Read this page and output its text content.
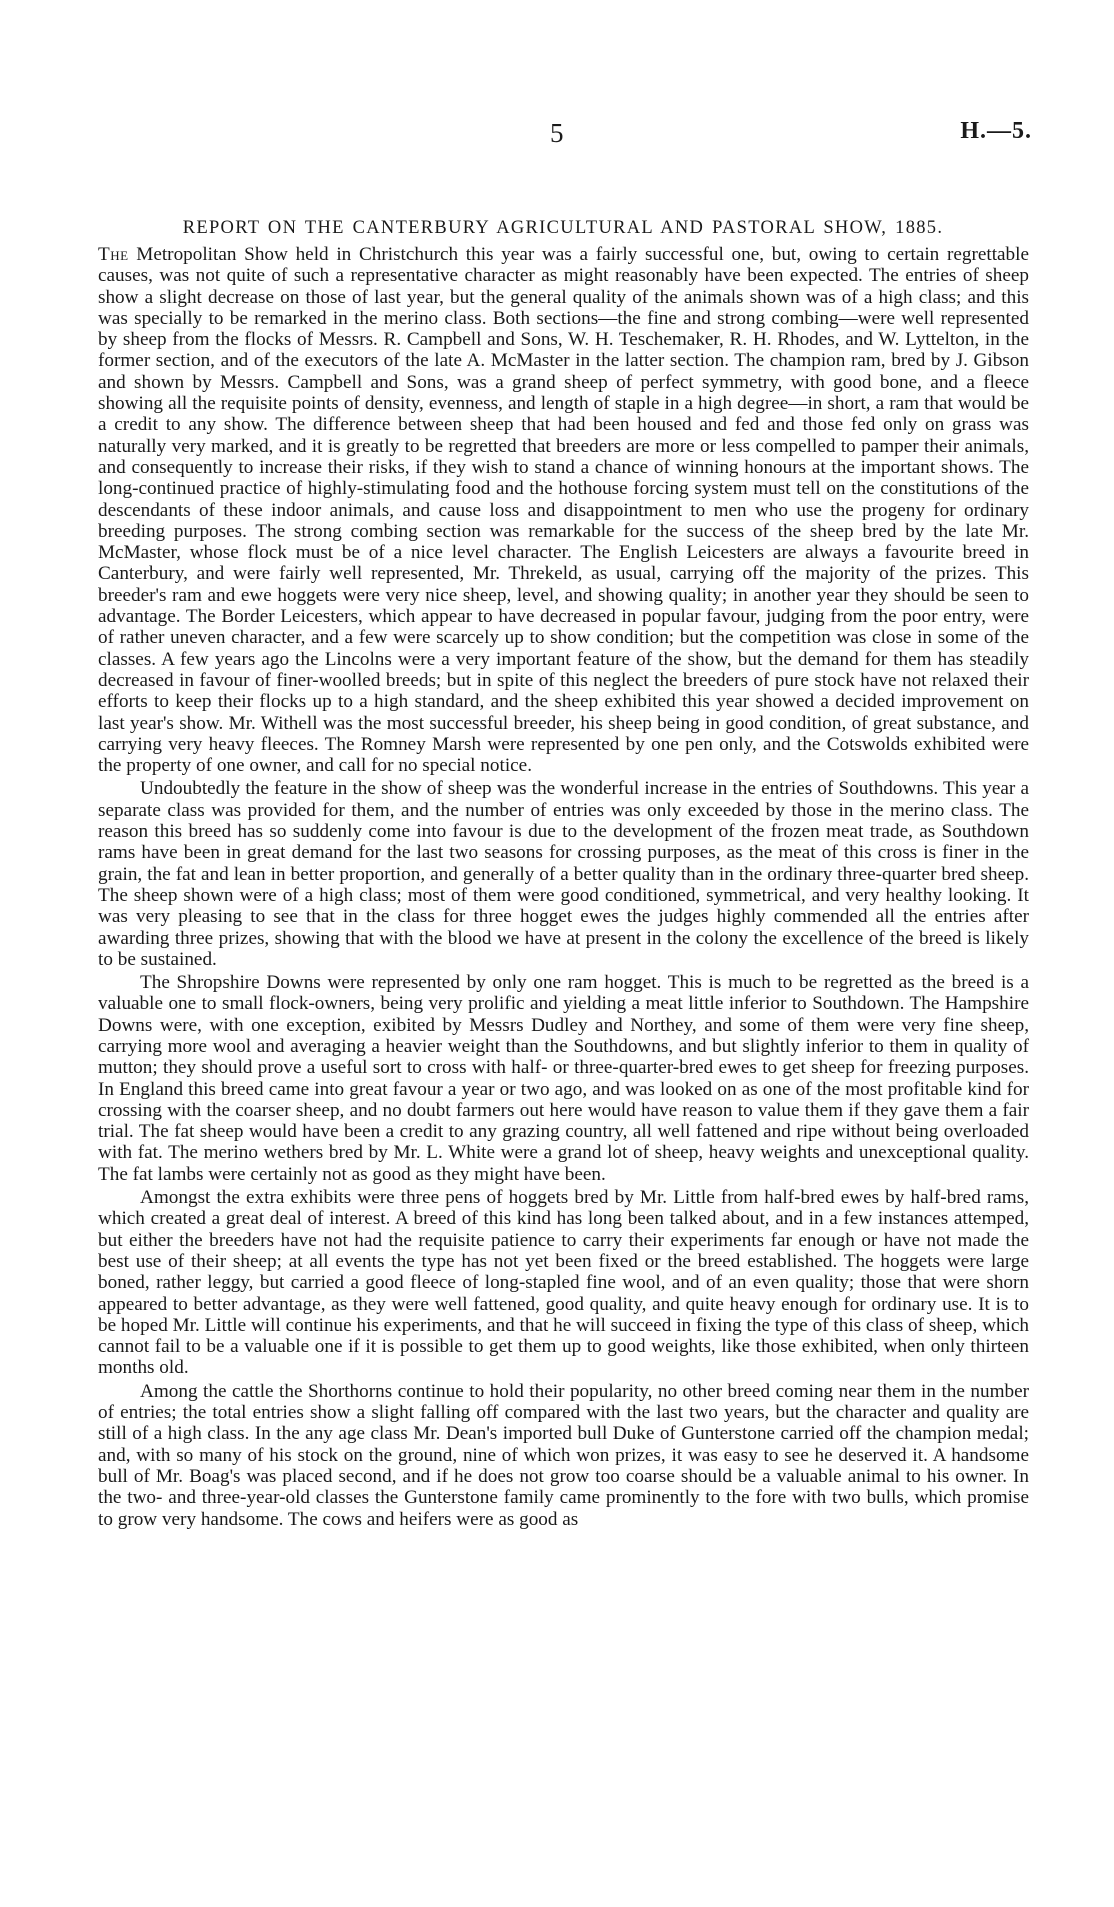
5	H.—5.
REPORT ON THE CANTERBURY AGRICULTURAL AND PASTORAL SHOW, 1885.

The Metropolitan Show held in Christchurch this year was a fairly successful one, but, owing to certain regrettable causes, was not quite of such a representative character as might reasonably have been expected. The entries of sheep show a slight decrease on those of last year, but the general quality of the animals shown was of a high class; and this was specially to be remarked in the merino class. Both sections—the fine and strong combing—were well represented by sheep from the flocks of Messrs. R. Campbell and Sons, W. H. Teschemaker, R. H. Rhodes, and W. Lyttelton, in the former section, and of the executors of the late A. McMaster in the latter section. The champion ram, bred by J. Gibson and shown by Messrs. Campbell and Sons, was a grand sheep of perfect symmetry, with good bone, and a fleece showing all the requisite points of density, evenness, and length of staple in a high degree—in short, a ram that would be a credit to any show. The difference between sheep that had been housed and fed and those fed only on grass was naturally very marked, and it is greatly to be regretted that breeders are more or less compelled to pamper their animals, and consequently to increase their risks, if they wish to stand a chance of winning honours at the important shows. The long-continued practice of highly-stimulating food and the hothouse forcing system must tell on the constitutions of the descendants of these indoor animals, and cause loss and disappointment to men who use the progeny for ordinary breeding purposes. The strong combing section was remarkable for the success of the sheep bred by the late Mr. McMaster, whose flock must be of a nice level character. The English Leicesters are always a favourite breed in Canterbury, and were fairly well represented, Mr. Threkeld, as usual, carrying off the majority of the prizes. This breeder's ram and ewe hoggets were very nice sheep, level, and showing quality; in another year they should be seen to advantage. The Border Leicesters, which appear to have decreased in popular favour, judging from the poor entry, were of rather uneven character, and a few were scarcely up to show condition; but the competition was close in some of the classes. A few years ago the Lincolns were a very important feature of the show, but the demand for them has steadily decreased in favour of finer-woolled breeds; but in spite of this neglect the breeders of pure stock have not relaxed their efforts to keep their flocks up to a high standard, and the sheep exhibited this year showed a decided improvement on last year's show. Mr. Withell was the most successful breeder, his sheep being in good condition, of great substance, and carrying very heavy fleeces. The Romney Marsh were represented by one pen only, and the Cotswolds exhibited were the property of one owner, and call for no special notice.

Undoubtedly the feature in the show of sheep was the wonderful increase in the entries of Southdowns. This year a separate class was provided for them, and the number of entries was only exceeded by those in the merino class. The reason this breed has so suddenly come into favour is due to the development of the frozen meat trade, as Southdown rams have been in great demand for the last two seasons for crossing purposes, as the meat of this cross is finer in the grain, the fat and lean in better proportion, and generally of a better quality than in the ordinary three-quarter bred sheep. The sheep shown were of a high class; most of them were good conditioned, symmetrical, and very healthy looking. It was very pleasing to see that in the class for three hogget ewes the judges highly commended all the entries after awarding three prizes, showing that with the blood we have at present in the colony the excellence of the breed is likely to be sustained.

The Shropshire Downs were represented by only one ram hogget. This is much to be regretted as the breed is a valuable one to small flock-owners, being very prolific and yielding a meat little inferior to Southdown. The Hampshire Downs were, with one exception, exibited by Messrs Dudley and Northey, and some of them were very fine sheep, carrying more wool and averaging a heavier weight than the Southdowns, and but slightly inferior to them in quality of mutton; they should prove a useful sort to cross with half- or three-quarter-bred ewes to get sheep for freezing purposes. In England this breed came into great favour a year or two ago, and was looked on as one of the most profitable kind for crossing with the coarser sheep, and no doubt farmers out here would have reason to value them if they gave them a fair trial. The fat sheep would have been a credit to any grazing country, all well fattened and ripe without being overloaded with fat. The merino wethers bred by Mr. L. White were a grand lot of sheep, heavy weights and unexceptional quality. The fat lambs were certainly not as good as they might have been.

Amongst the extra exhibits were three pens of hoggets bred by Mr. Little from half-bred ewes by half-bred rams, which created a great deal of interest. A breed of this kind has long been talked about, and in a few instances attemped, but either the breeders have not had the requisite patience to carry their experiments far enough or have not made the best use of their sheep; at all events the type has not yet been fixed or the breed established. The hoggets were large boned, rather leggy, but carried a good fleece of long-stapled fine wool, and of an even quality; those that were shorn appeared to better advantage, as they were well fattened, good quality, and quite heavy enough for ordinary use. It is to be hoped Mr. Little will continue his experiments, and that he will succeed in fixing the type of this class of sheep, which cannot fail to be a valuable one if it is possible to get them up to good weights, like those exhibited, when only thirteen months old.

Among the cattle the Shorthorns continue to hold their popularity, no other breed coming near them in the number of entries; the total entries show a slight falling off compared with the last two years, but the character and quality are still of a high class. In the any age class Mr. Dean's imported bull Duke of Gunterstone carried off the champion medal; and, with so many of his stock on the ground, nine of which won prizes, it was easy to see he deserved it. A handsome bull of Mr. Boag's was placed second, and if he does not grow too coarse should be a valuable animal to his owner. In the two- and three-year-old classes the Gunterstone family came prominently to the fore with two bulls, which promise to grow very handsome. The cows and heifers were as good as
